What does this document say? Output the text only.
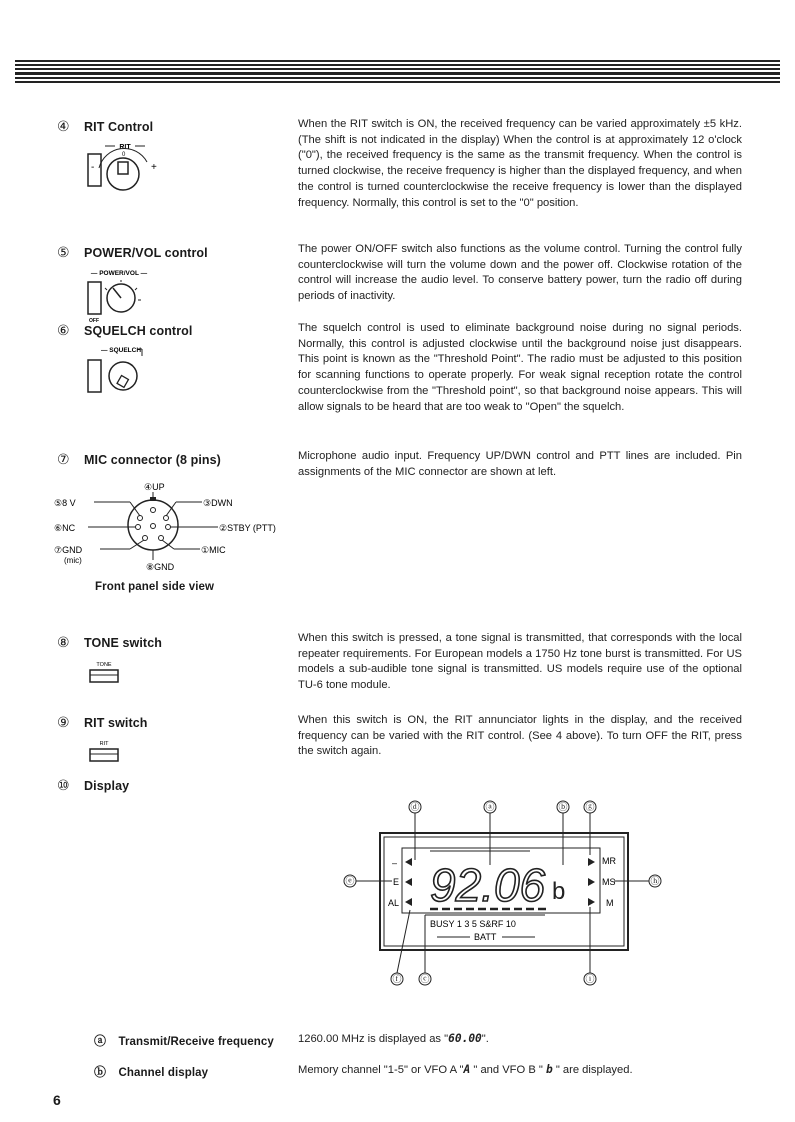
④ RIT Control
RIT
-	+
0
When the RIT switch is ON, the received frequency can be varied approximately ±5 kHz. (The shift is not indicated in the display) When the control is at approximately 12 o'clock ("0"), the received frequency is the same as the transmit frequency. When the control is turned clockwise, the receive frequency is higher than the displayed frequency, and when the control is turned counterclockwise the receive frequency is lower than the displayed frequency. Normally, this control is set to the "0" position.
⑤ POWER/VOL control
— POWER/VOL —
OFF
The power ON/OFF switch also functions as the volume control. Turning the control fully counterclockwise will turn the volume down and the power off. Clockwise rotation of the control will increase the audio level. To conserve battery power, turn the radio off during periods of inactivity.
⑥ SQUELCH control
— SQUELCH
The squelch control is used to eliminate background noise during no signal periods. Normally, this control is adjusted clockwise until the background noise just disappears. This point is known as the "Threshold Point". The radio must be adjusted to this position for scanning functions to operate properly. For weak signal reception rotate the control counterclockwise from the "Threshold point", so that background noise appears. This will allow signals to be heard that are too weak to "Open" the squelch.
⑦ MIC connector (8 pins)
④UP
⑤8 V	③DWN
⑥NC	②STBY (PTT)
⑦GND
(mic)
①MIC
⑧GND
Front panel side view
Microphone audio input. Frequency UP/DWN control and PTT lines are included. Pin assignments of the MIC connector are shown at left.
⑧ TONE switch
TONE
When this switch is pressed, a tone signal is transmitted, that corresponds with the local repeater requirements. For European models a 1750 Hz tone burst is transmitted. For US models a sub-audible tone signal is transmitted. US models require use of the optional TU-6 tone module.
⑨ RIT switch
RIT
When this switch is ON, the RIT annunciator lights in the display, and the received frequency can be varied with the RIT control. (See 4 above). To turn OFF the RIT, press the switch again.
⑩ Display
ⓓ	ⓐ	ⓑ ⓖ
ⓔ	ⓗ
ⓕ ⓒ	ⓘ
–
E
AL
MR
MS
M
92.06 b
BUSY 1 3 5 S&RF 10
BATT
ⓐ Transmit/Receive frequency 1260.00 MHz is displayed as "60.00".
ⓑ Channel display	Memory channel "1-5" or VFO A "A " and VFO B " b " are displayed.
6
